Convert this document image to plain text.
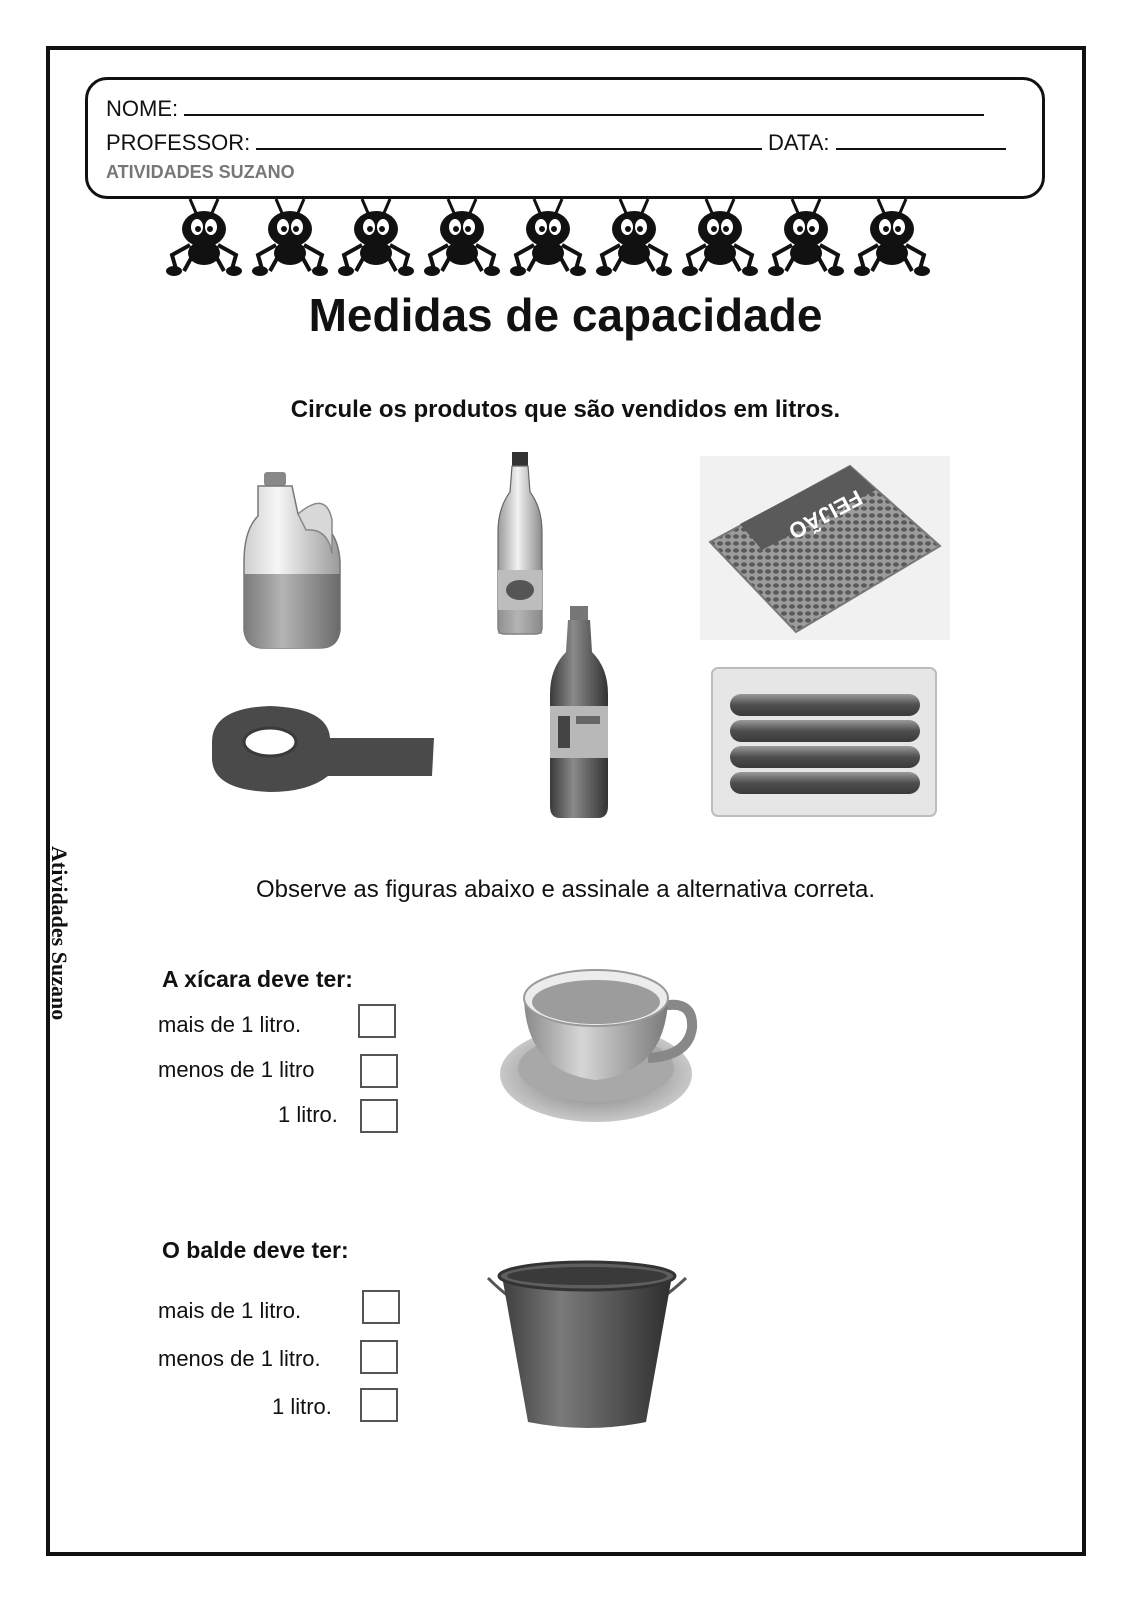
NOME:
PROFESSOR:	DATA:
ATIVIDADES SUZANO
Medidas de capacidade
Circule os produtos que são vendidos em litros.
FEIJÃO
Observe as figuras abaixo e assinale a alternativa correta.
A xícara deve ter:
mais de 1 litro.
menos de 1 litro
1 litro.
O balde deve ter:
mais de 1 litro.
menos de 1 litro.
1 litro.
Atividades Suzano
